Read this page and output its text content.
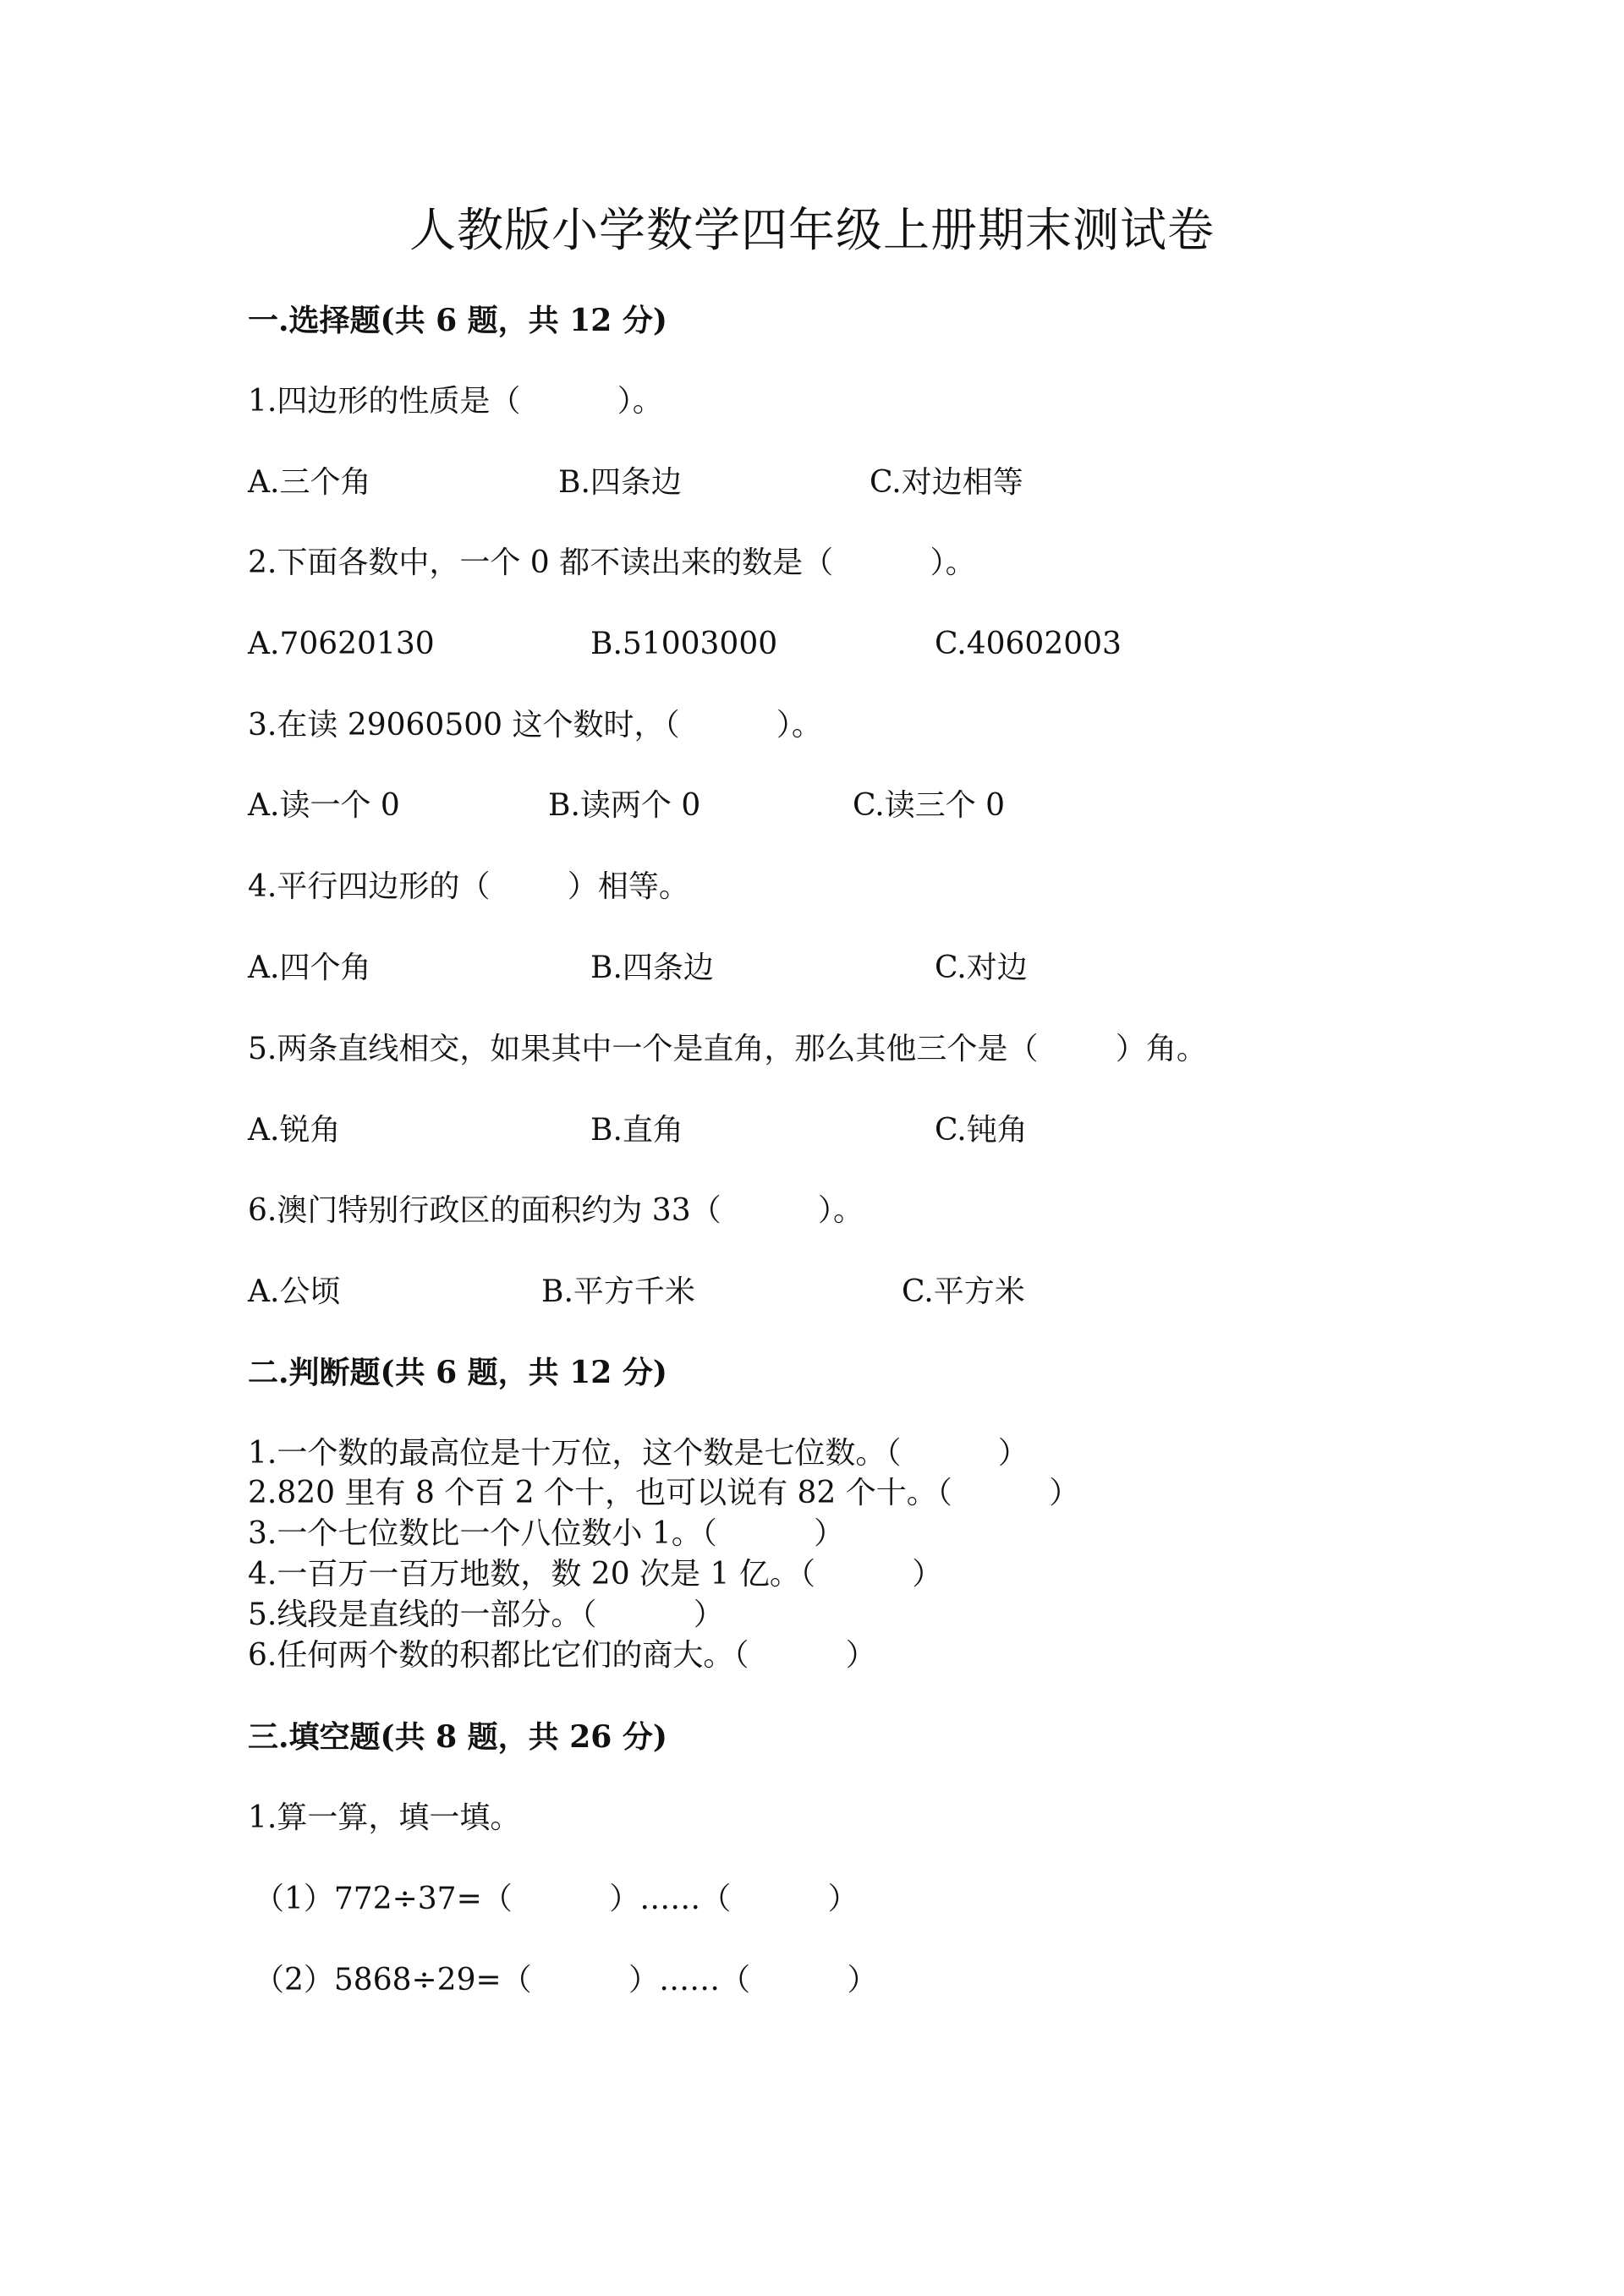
人教版小学数学四年级上册期末测试卷
一.选择题(共 6 题，共 12 分)
1.四边形的性质是（          ）。
A.三个角	B.四条边	C.对边相等
2.下面各数中，一个 0 都不读出来的数是（          ）。
A.70620130	B.51003000	C.40602003
3.在读 29060500 这个数时，（          ）。
A.读一个 0	B.读两个 0	C.读三个 0
4.平行四边形的（        ）相等。
A.四个角	B.四条边	C.对边
5.两条直线相交，如果其中一个是直角，那么其他三个是（        ）角。
A.锐角	B.直角	C.钝角
6.澳门特别行政区的面积约为 33（          ）。
A.公顷	B.平方千米	C.平方米
二.判断题(共 6 题，共 12 分)
1.一个数的最高位是十万位，这个数是七位数。（          ）
2.820 里有 8 个百 2 个十，也可以说有 82 个十。（          ）
3.一个七位数比一个八位数小 1。（          ）
4.一百万一百万地数，数 20 次是 1 亿。（          ）
5.线段是直线的一部分。（          ）
6.任何两个数的积都比它们的商大。（          ）
三.填空题(共 8 题，共 26 分)
1.算一算，填一填。
（1）772÷37=（          ）……（          ）
（2）5868÷29=（          ）……（          ）
